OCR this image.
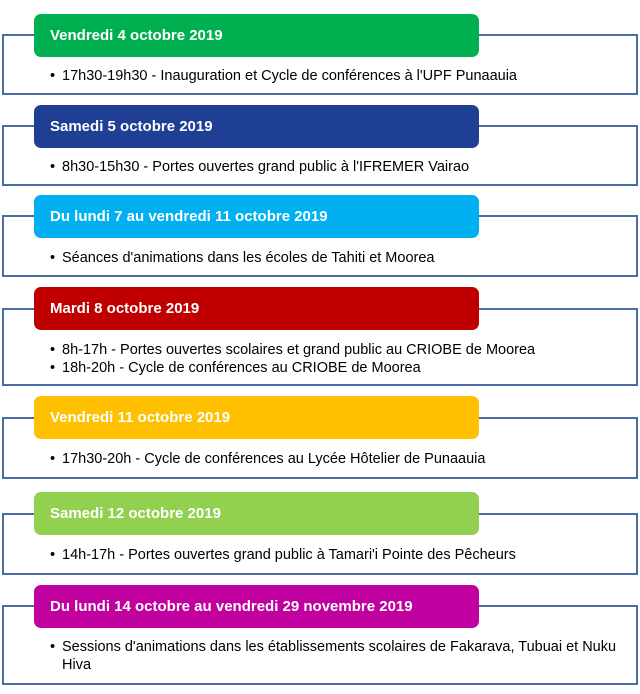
Vendredi 4 octobre 2019
• 17h30-19h30 - Inauguration et Cycle de conférences à l'UPF Punaauia
Samedi 5 octobre 2019
• 8h30-15h30 - Portes ouvertes grand public à l'IFREMER Vairao
Du lundi 7 au vendredi 11 octobre 2019
• Séances d'animations dans les écoles de Tahiti et Moorea
Mardi 8 octobre 2019
• 8h-17h - Portes ouvertes scolaires et grand public au CRIOBE de Moorea
• 18h-20h - Cycle de conférences au CRIOBE de Moorea
Vendredi 11 octobre 2019
• 17h30-20h - Cycle de conférences au Lycée Hôtelier de Punaauia
Samedi 12 octobre 2019
• 14h-17h - Portes ouvertes grand public à Tamari'i Pointe des Pêcheurs
Du lundi 14 octobre au vendredi 29 novembre 2019
• Sessions d'animations dans les établissements scolaires de Fakarava, Tubuai et Nuku Hiva
